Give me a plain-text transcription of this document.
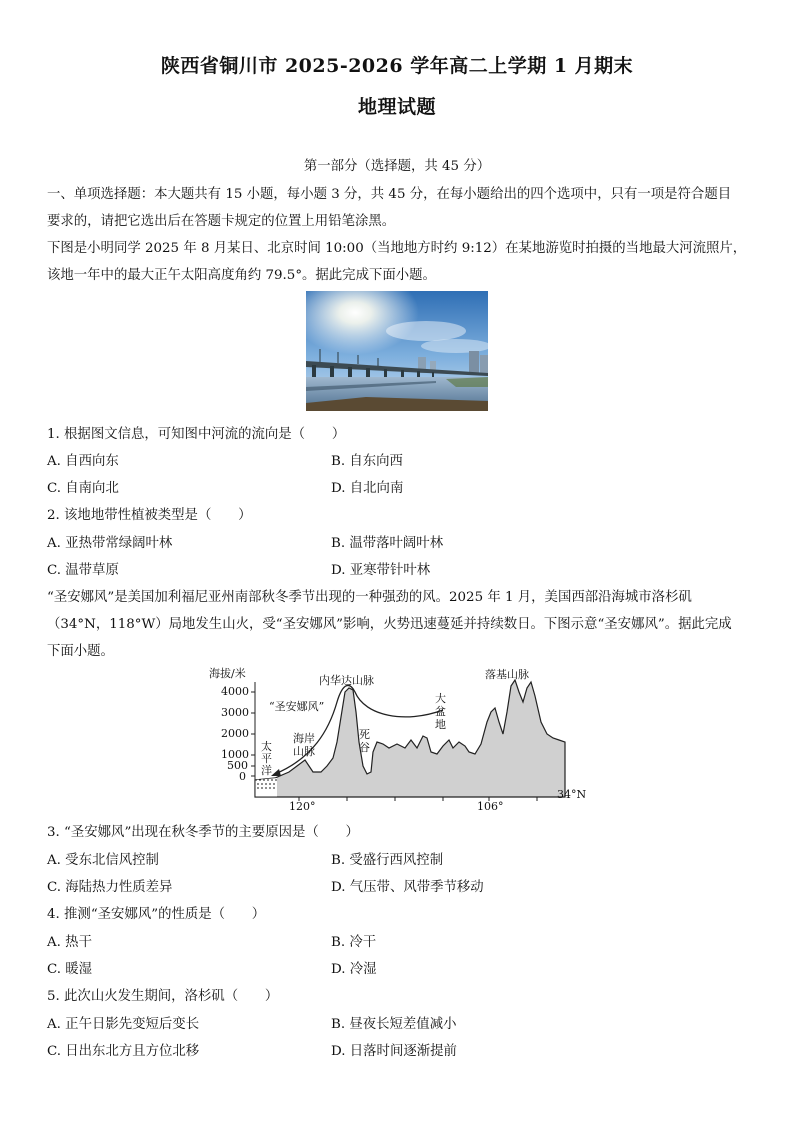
陕西省铜川市 2025-2026 学年高二上学期 1 月期末
地理试题
第一部分（选择题，共 45 分）
一、单项选择题：本大题共有 15 小题，每小题 3 分，共 45 分，在每小题给出的四个选项中，只有一项是符合题目
要求的，请把它选出后在答题卡规定的位置上用铅笔涂黑。
下图是小明同学 2025 年 8 月某日、北京时间 10:00（当地地方时约 9:12）在某地游览时拍摄的当地最大河流照片，
该地一年中的最大正午太阳高度角约 79.5°。据此完成下面小题。
1. 根据图文信息，可知图中河流的流向是（　　）
A. 自西向东	B. 自东向西
C. 自南向北	D. 自北向南
2. 该地地带性植被类型是（　　）
A. 亚热带常绿阔叶林	B. 温带落叶阔叶林
C. 温带草原	D. 亚寒带针叶林
“圣安娜风”是美国加利福尼亚州南部秋冬季节出现的一种强劲的风。2025 年 1 月，美国西部沿海城市洛杉矶
（34°N，118°W）局地发生山火，受“圣安娜风”影响，火势迅速蔓延并持续数日。下图示意“圣安娜风”。据此完成
下面小题。
海拔/米
4000
3000
2000
1000
500
0
120°	106°
34°N
“圣安娜风”
内华达山脉	落基山脉
大
盆
地
海岸
山脉
死
谷
太
平
洋
3. “圣安娜风”出现在秋冬季节的主要原因是（　　）
A. 受东北信风控制	B. 受盛行西风控制
C. 海陆热力性质差异	D. 气压带、风带季节移动
4. 推测“圣安娜风”的性质是（　　）
A. 热干	B. 冷干
C. 暖湿	D. 冷湿
5. 此次山火发生期间，洛杉矶（　　）
A. 正午日影先变短后变长	B. 昼夜长短差值减小
C. 日出东北方且方位北移	D. 日落时间逐渐提前
